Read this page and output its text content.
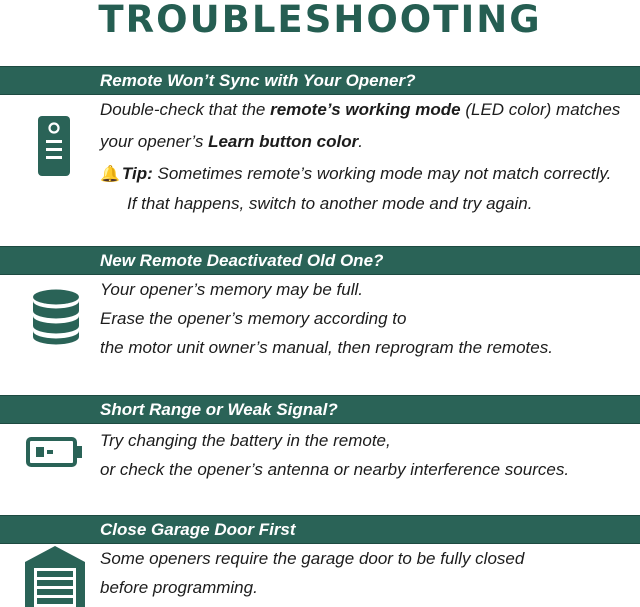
TROUBLESHOOTING
Remote Won’t Sync with Your Opener?
Double-check that the remote’s working mode (LED color) matches
your opener’s Learn button color.
🔔 Tip: Sometimes remote’s working mode may not match correctly.
If that happens, switch to another mode and try again.
New Remote Deactivated Old One?
Your opener’s memory may be full.
Erase the opener’s memory according to
the motor unit owner’s manual, then reprogram the remotes.
Short Range or Weak Signal?
Try changing the battery in the remote,
or check the opener’s antenna or nearby interference sources.
Close Garage Door First
Some openers require the garage door to be fully closed
before programming.
